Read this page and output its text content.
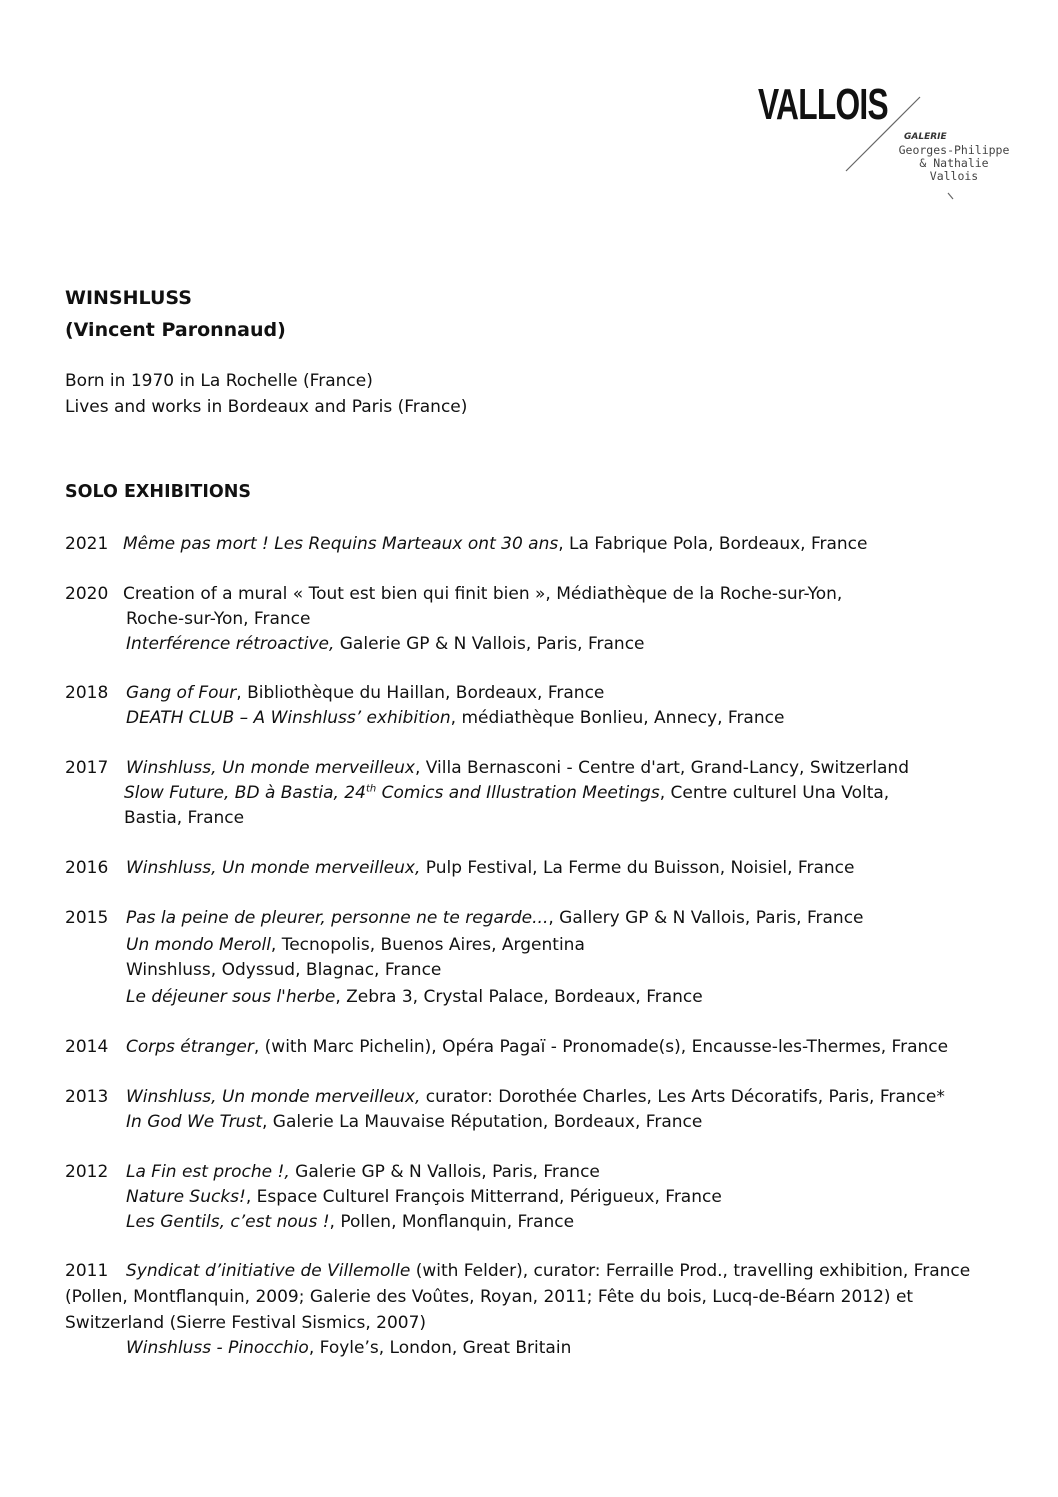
VALLOIS
GALERIE
Georges-Philippe
& Nathalie
Vallois

WINSHLUSS

(Vincent Paronnaud)

Born in 1970 in La Rochelle (France)
Lives and works in Bordeaux and Paris (France)
SOLO EXHIBITIONS
2021 Même pas mort ! Les Requins Marteaux ont 30 ans, La Fabrique Pola, Bordeaux, France
2020 Creation of a mural « Tout est bien qui finit bien », Médiathèque de la Roche-sur-Yon,
Roche-sur-Yon, France
Interférence rétroactive, Galerie GP & N Vallois, Paris, France
2018 Gang of Four, Bibliothèque du Haillan, Bordeaux, France
DEATH CLUB – A Winshluss’ exhibition, médiathèque Bonlieu, Annecy, France
2017 Winshluss, Un monde merveilleux, Villa Bernasconi - Centre d'art, Grand-Lancy, Switzerland
Slow Future, BD à Bastia, 24th Comics and Illustration Meetings, Centre culturel Una Volta,
Bastia, France
2016 Winshluss, Un monde merveilleux, Pulp Festival, La Ferme du Buisson, Noisiel, France
2015 Pas la peine de pleurer, personne ne te regarde..., Gallery GP & N Vallois, Paris, France
Un mondo Meroll, Tecnopolis, Buenos Aires, Argentina
Winshluss, Odyssud, Blagnac, France
Le déjeuner sous l'herbe, Zebra 3, Crystal Palace, Bordeaux, France
2014 Corps étranger, (with Marc Pichelin), Opéra Pagaï - Pronomade(s), Encausse-les-Thermes, France
2013 Winshluss, Un monde merveilleux, curator: Dorothée Charles, Les Arts Décoratifs, Paris, France*
In God We Trust, Galerie La Mauvaise Réputation, Bordeaux, France
2012 La Fin est proche !, Galerie GP & N Vallois, Paris, France
Nature Sucks!, Espace Culturel François Mitterrand, Périgueux, France
Les Gentils, c’est nous !, Pollen, Monflanquin, France
2011	Syndicat d’initiative de Villemolle (with Felder), curator: Ferraille Prod., travelling exhibition, France
(Pollen, Montflanquin, 2009; Galerie des Voûtes, Royan, 2011; Fête du bois, Lucq-de-Béarn 2012) et
Switzerland (Sierre Festival Sismics, 2007)
Winshluss - Pinocchio, Foyle’s, London, Great Britain
